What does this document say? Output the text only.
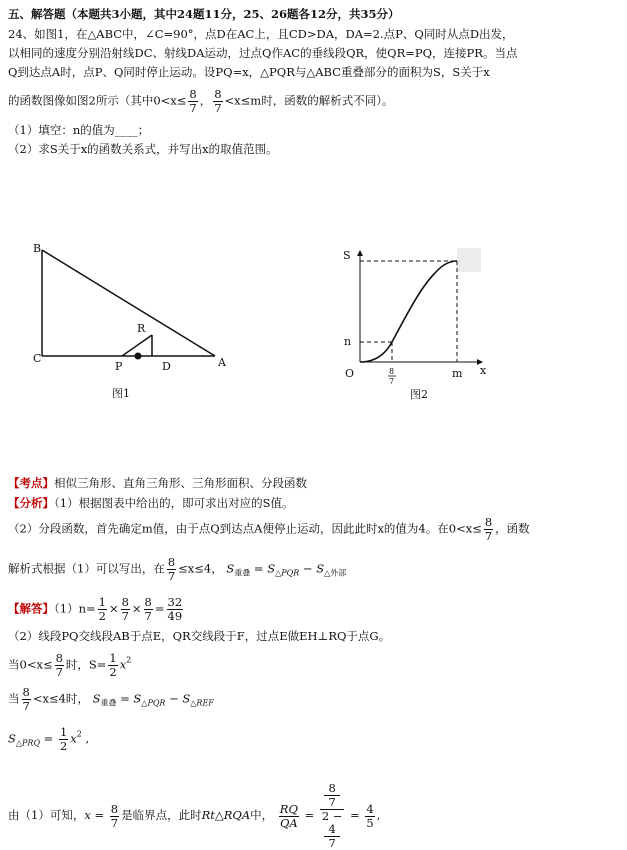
五、解答题（本题共3小题，其中24题11分，25、26题各12分，共35分）
24、如图1，在△ABC中，∠C=90°，点D在AC上，且CD>DA，DA=2.点P、Q同时从点D出发，
以相同的速度分别沿射线DC、射线DA运动，过点Q作AC的垂线段QR，使QR=PQ，连接PR。当点
Q到达点A时，点P、Q同时停止运动。设PQ=x，△PQR与△ABC重叠部分的面积为S，S关于x
的函数图像如图2所示（其中$0<x\le \frac{8}{7}$ ， $\frac{8}{7} <x\le m$时，函数的解析式不同）。
（1）填空：n的值为____；
（2）求S关于x的函数关系式，并写出x的取值范围。
B
C	A
R
P	D
图1
S
n
O	x
m
8
7
图2
【考点】相似三角形、直角三角形、三角形面积、分段函数
【分析】（1）根据图表中给出的，即可求出对应的S值。
（2）分段函数，首先确定m值，由于点Q到达点A便停止运动，因此此时x的值为4。在$0<x\le \frac{8}{7}$ ，函数
解析式根据（1）可以写出，在 $\frac{8}{7} \le x\le 4$， $S_{重叠} = S_{\triangle PQR} - S_{\triangle 外部}$
【解答】$(1)n= \frac{1}{2} \times \frac{8}{7} \times \frac{8}{7} = \frac{32}{49}$
（2）线段PQ交线段AB于点E，QR交线段于F，过点E做EH⊥RQ于点G。
当$0<x\le \frac{8}{7}$ 时，$S= \frac{1}{2} x^2$
当 $\frac{8}{7} <x\le 4$时， $S_{重叠} = S_{\triangle PQR} - S_{\triangle REF}$
$S_{\triangle PRQ} = \frac{1}{2} x^2$ ,
由（1）可知，$x = \frac{8}{7}$ 是临界点，此时Rt△RQA中， $\frac{RQ}{QA} = 8$
7
2 −
4
$7 = \frac{4}{5}$ ,
